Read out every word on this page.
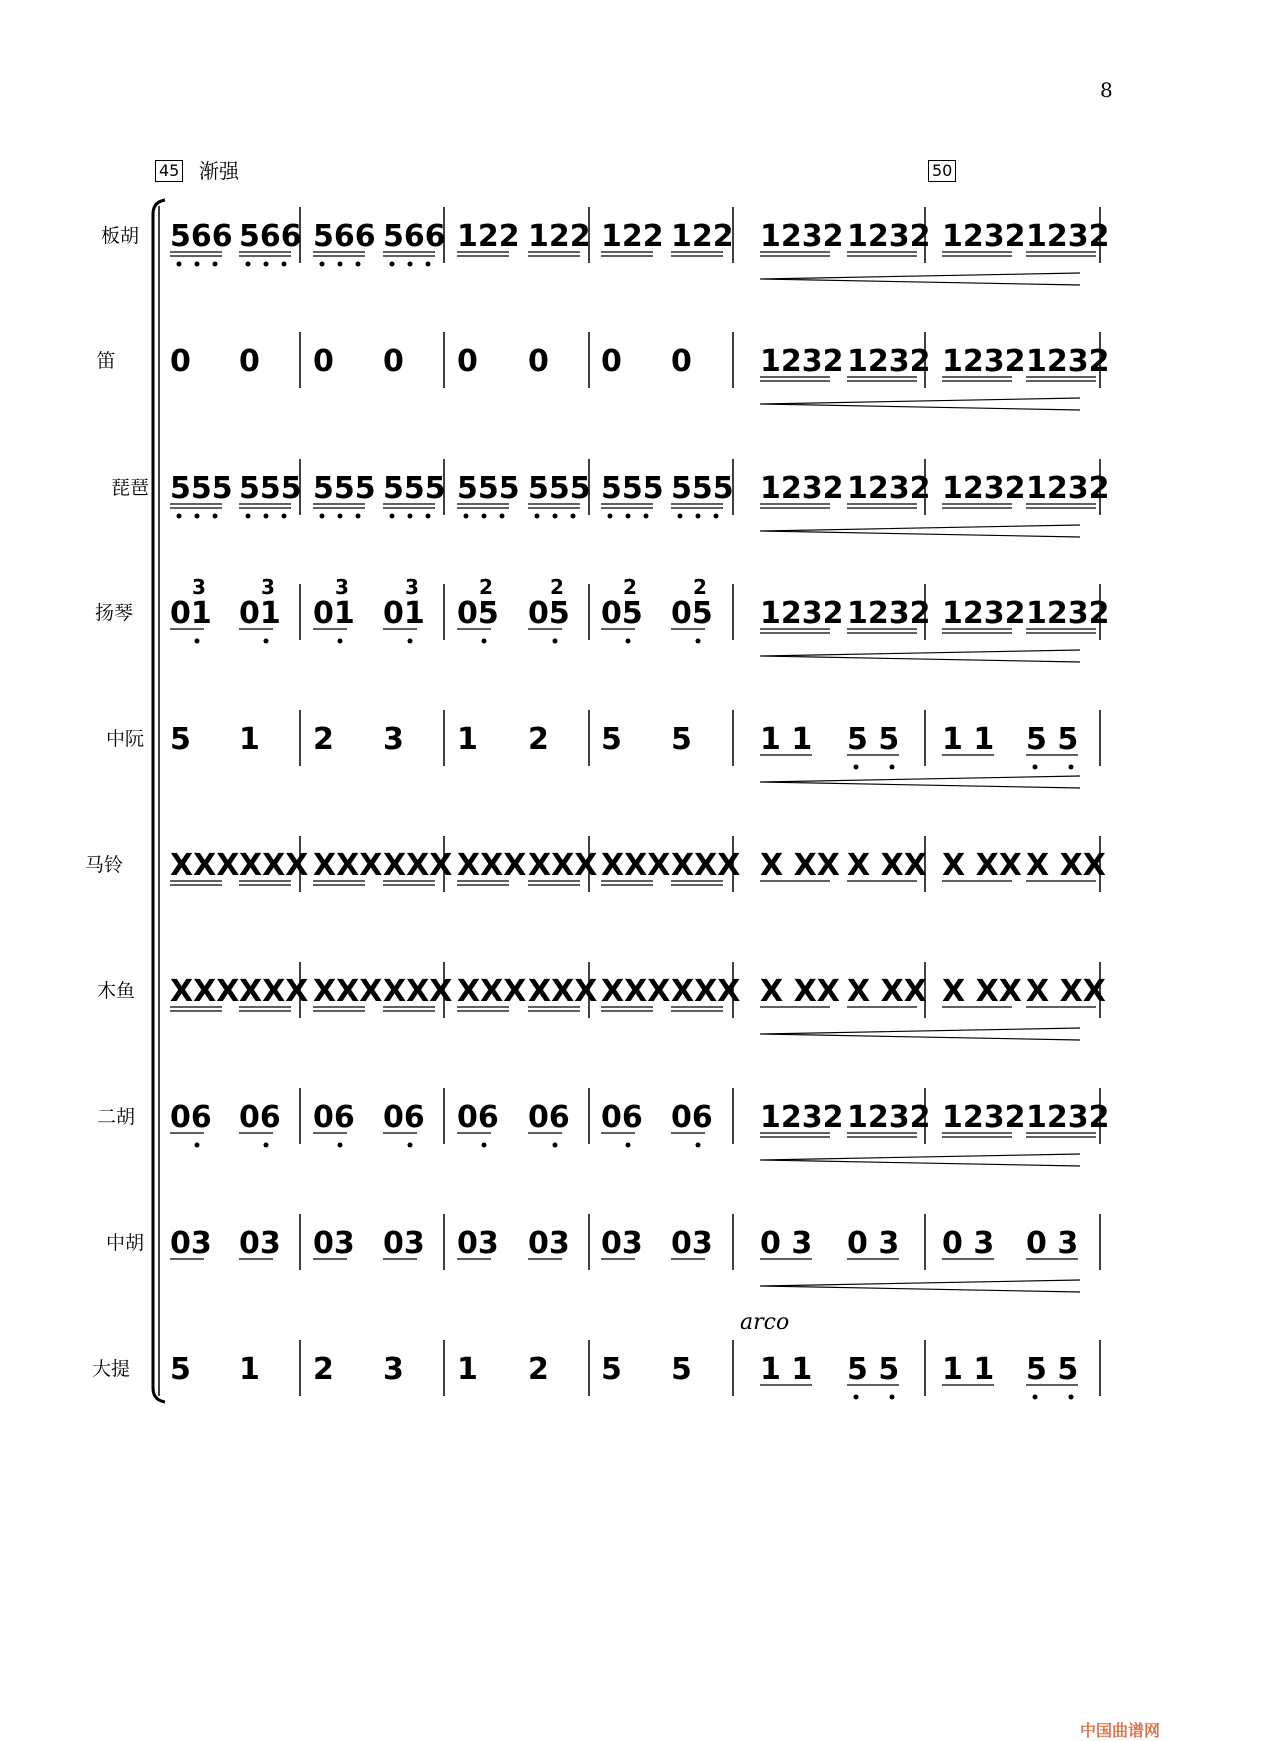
8
45 渐强	50
arco
中国曲谱网
板胡 566 566 566 566 122 122 122 122 1232 1232 1232 1232
笛 0 0 0 0 0 0 0 0 1232 1232 1232 1232
琵琶 555 555 555 555 555 555 555 555 1232 1232 1232 1232
扬琴 01 01 01 01 05 05 05 05 1232 1232 1232 1232
3	3	3	3	2	2	2	2
中阮 5 1 2 3 1 2 5 5 1 1 5 5 1 1 5 5
马铃 XXX XXX XXX XXX XXX XXX XXX XXX X XX X XX X XX X XX
木鱼 XXX XXX XXX XXX XXX XXX XXX XXX X XX X XX X XX X XX
二胡 06 06 06 06 06 06 06 06 1232 1232 1232 1232
中胡 03 03 03 03 03 03 03 03 0 3 0 3 0 3 0 3
大提 5 1 2 3 1 2 5 5 1 1 5 5 1 1 5 5
